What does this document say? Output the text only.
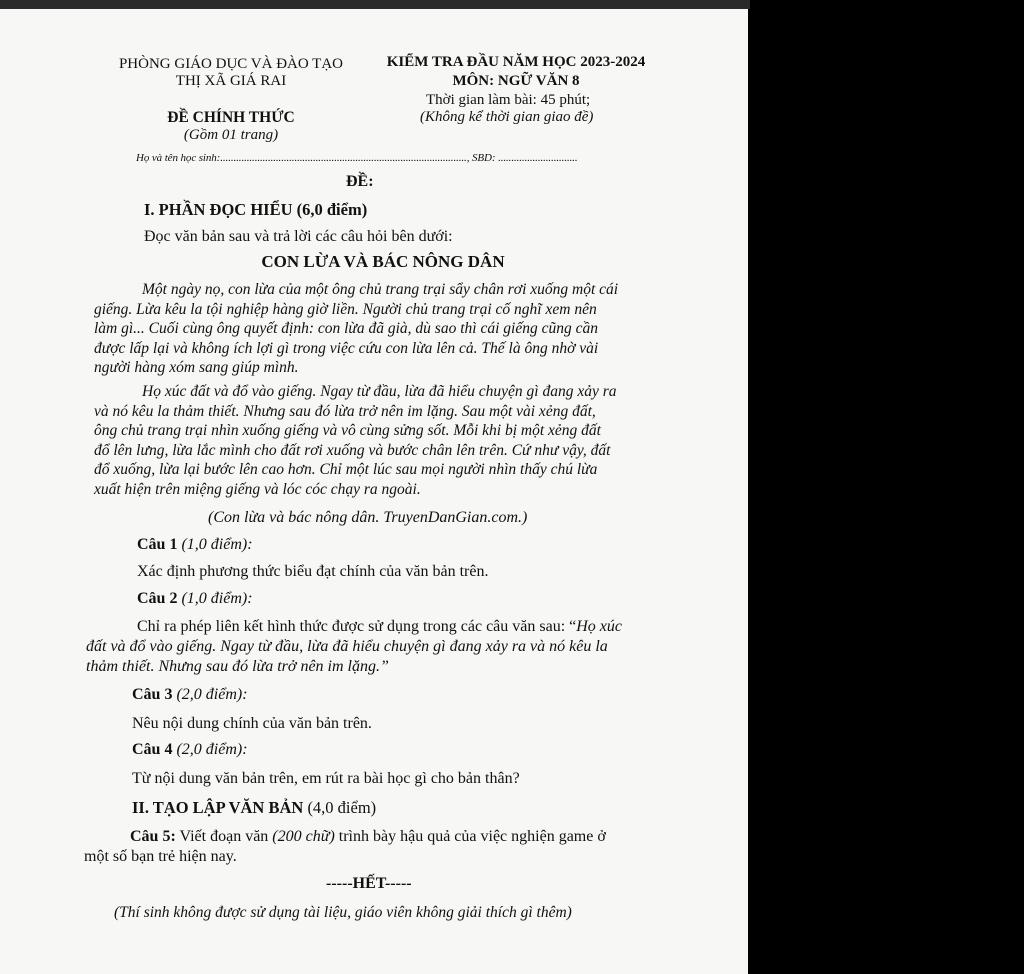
PHÒNG GIÁO DỤC VÀ ĐÀO TẠO
THỊ XÃ GIÁ RAI
ĐỀ CHÍNH THỨC
(Gồm 01 trang)
KIỂM TRA ĐẦU NĂM HỌC 2023-2024
MÔN: NGỮ VĂN 8
Thời gian làm bài: 45 phút;
(Không kể thời gian giao đề)
Họ và tên học sinh:............................................................................................., SBD: ..............................
ĐỀ:
I. PHẦN ĐỌC HIỂU (6,0 điểm)
Đọc văn bản sau và trả lời các câu hỏi bên dưới:
CON LỪA VÀ BÁC NÔNG DÂN
Một ngày nọ, con lừa của một ông chủ trang trại sẩy chân rơi xuống một cái
giếng. Lừa kêu la tội nghiệp hàng giờ liền. Người chủ trang trại cố nghĩ xem nên
làm gì... Cuối cùng ông quyết định: con lừa đã già, dù sao thì cái giếng cũng cần
được lấp lại và không ích lợi gì trong việc cứu con lừa lên cả. Thế là ông nhờ vài
người hàng xóm sang giúp mình.
Họ xúc đất và đổ vào giếng. Ngay từ đầu, lừa đã hiểu chuyện gì đang xảy ra
và nó kêu la thảm thiết. Nhưng sau đó lừa trở nên im lặng. Sau một vài xẻng đất,
ông chủ trang trại nhìn xuống giếng và vô cùng sửng sốt. Mỗi khi bị một xẻng đất
đổ lên lưng, lừa lắc mình cho đất rơi xuống và bước chân lên trên. Cứ như vậy, đất
đổ xuống, lừa lại bước lên cao hơn. Chỉ một lúc sau mọi người nhìn thấy chú lừa
xuất hiện trên miệng giếng và lóc cóc chạy ra ngoài.
(Con lừa và bác nông dân. TruyenDanGian.com.)
Câu 1 (1,0 điểm):
Xác định phương thức biểu đạt chính của văn bản trên.
Câu 2 (1,0 điểm):
Chỉ ra phép liên kết hình thức được sử dụng trong các câu văn sau: “Họ xúc
đất và đổ vào giếng. Ngay từ đầu, lừa đã hiểu chuyện gì đang xảy ra và nó kêu la
thảm thiết. Nhưng sau đó lừa trở nên im lặng.”
Câu 3 (2,0 điểm):
Nêu nội dung chính của văn bản trên.
Câu 4 (2,0 điểm):
Từ nội dung văn bản trên, em rút ra bài học gì cho bản thân?
II. TẠO LẬP VĂN BẢN (4,0 điểm)
Câu 5: Viết đoạn văn (200 chữ) trình bày hậu quả của việc nghiện game ở
một số bạn trẻ hiện nay.
-----HẾT-----
(Thí sinh không được sử dụng tài liệu, giáo viên không giải thích gì thêm)
